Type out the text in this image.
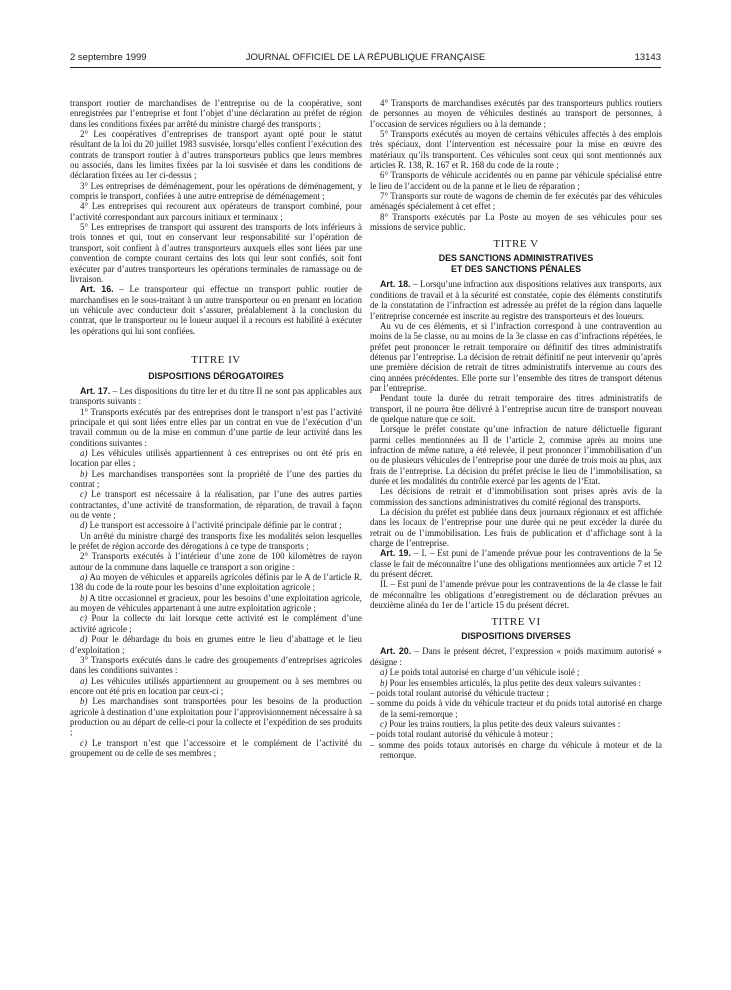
2 septembre 1999	JOURNAL OFFICIEL DE LA RÉPUBLIQUE FRANÇAISE	13143

transport routier de marchandises de l’entreprise ou de la coopérative, sont enregistrées par l’entreprise et font l’objet d’une déclaration au préfet de région dans les conditions fixées par arrêté du ministre chargé des transports ;

2° Les coopératives d’entreprises de transport ayant opté pour le statut résultant de la loi du 20 juillet 1983 susvisée, lorsqu’elles confient l’exécution des contrats de transport routier à d’autres transporteurs publics que leurs membres ou associés, dans les limites fixées par la loi susvisée et dans les conditions de déclaration fixées au 1er ci-dessus ;

3° Les entreprises de déménagement, pour les opérations de déménagement, y compris le transport, confiées à une autre entreprise de déménagement ;

4° Les entreprises qui recourent aux opérateurs de transport combiné, pour l’activité correspondant aux parcours initiaux et terminaux ;

5° Les entreprises de transport qui assurent des transports de lots inférieurs à trois tonnes et qui, tout en conservant leur responsabilité sur l’opération de transport, soit confient à d’autres transporteurs auxquels elles sont liées par une convention de compte courant certains des lots qui leur sont confiés, soit font exécuter par d’autres transporteurs les opérations terminales de ramassage ou de livraison.

Art. 16. – Le transporteur qui effectue un transport public routier de marchandises en le sous-traitant à un autre transporteur ou en prenant en location un véhicule avec conducteur doit s’assurer, préalablement à la conclusion du contrat, que le transporteur ou le loueur auquel il a recours est habilité à exécuter les opérations qui lui sont confiées.

TITRE IV
DISPOSITIONS DÉROGATOIRES

Art. 17. – Les dispositions du titre Ier et du titre II ne sont pas applicables aux transports suivants :

1° Transports exécutés par des entreprises dont le transport n’est pas l’activité principale et qui sont liées entre elles par un contrat en vue de l’exécution d’un travail commun ou de la mise en commun d’une partie de leur activité dans les conditions suivantes :

a) Les véhicules utilisés appartiennent à ces entreprises ou ont été pris en location par elles ;

b) Les marchandises transportées sont la propriété de l’une des parties du contrat ;

c) Le transport est nécessaire à la réalisation, par l’une des autres parties contractantes, d’une activité de transformation, de réparation, de travail à façon ou de vente ;

d) Le transport est accessoire à l’activité principale définie par le contrat ;

Un arrêté du ministre chargé des transports fixe les modalités selon lesquelles le préfet de région accorde des dérogations à ce type de transports ;

2° Transports exécutés à l’intérieur d’une zone de 100 kilomètres de rayon autour de la commune dans laquelle ce transport a son origine :

a) Au moyen de véhicules et appareils agricoles définis par le A de l’article R. 138 du code de la route pour les besoins d’une exploitation agricole ;

b) A titre occasionnel et gracieux, pour les besoins d’une exploitation agricole, au moyen de véhicules appartenant à une autre exploitation agricole ;

c) Pour la collecte du lait lorsque cette activité est le complément d’une activité agricole ;

d) Pour le débardage du bois en grumes entre le lieu d’abattage et le lieu d’exploitation ;

3° Transports exécutés dans le cadre des groupements d’entreprises agricoles dans les conditions suivantes :

a) Les véhicules utilisés appartiennent au groupement ou à ses membres ou encore ont été pris en location par ceux-ci ;

b) Les marchandises sont transportées pour les besoins de la production agricole à destination d’une exploitation pour l’approvisionnement nécessaire à sa production ou au départ de celle-ci pour la collecte et l’expédition de ses produits ;

c) Le transport n’est que l’accessoire et le complément de l’activité du groupement ou de celle de ses membres ;

4° Transports de marchandises exécutés par des transporteurs publics routiers de personnes au moyen de véhicules destinés au transport de personnes, à l’occasion de services réguliers ou à la demande ;

5° Transports exécutés au moyen de certains véhicules affectés à des emplois très spéciaux, dont l’intervention est nécessaire pour la mise en œuvre des matériaux qu’ils transportent. Ces véhicules sont ceux qui sont mentionnés aux articles R. 138, R. 167 et R. 168 du code de la route ;

6° Transports de véhicule accidentés ou en panne par véhicule spécialisé entre le lieu de l’accident ou de la panne et le lieu de réparation ;

7° Transports sur route de wagons de chemin de fer exécutés par des véhicules aménagés spécialement à cet effet ;

8° Transports exécutés par La Poste au moyen de ses véhicules pour ses missions de service public.

TITRE V
DES SANCTIONS ADMINISTRATIVES
ET DES SANCTIONS PÉNALES

Art. 18. – Lorsqu’une infraction aux dispositions relatives aux transports, aux conditions de travail et à la sécurité est constatée, copie des éléments constitutifs de la constatation de l’infraction est adressée au préfet de la région dans laquelle l’entreprise concernée est inscrite au registre des transporteurs et des loueurs.

Au vu de ces éléments, et si l’infraction correspond à une contravention au moins de la 5e classe, ou au moins de la 3e classe en cas d’infractions répétées, le préfet peut prononcer le retrait temporaire ou définitif des titres administratifs détenus par l’entreprise. La décision de retrait définitif ne peut intervenir qu’après une première décision de retrait de titres administratifs intervenue au cours des cinq années précédentes. Elle porte sur l’ensemble des titres de transport détenus par l’entreprise.

Pendant toute la durée du retrait temporaire des titres administratifs de transport, il ne pourra être délivré à l’entreprise aucun titre de transport nouveau de quelque nature que ce soit.

Lorsque le préfet constate qu’une infraction de nature délictuelle figurant parmi celles mentionnées au II de l’article 2, commise après au moins une infraction de même nature, a été relevée, il peut prononcer l’immobilisation d’un ou de plusieurs véhicules de l’entreprise pour une durée de trois mois au plus, aux frais de l’entreprise. La décision du préfet précise le lieu de l’immobilisation, sa durée et les modalités du contrôle exercé par les agents de l’Etat.

Les décisions de retrait et d’immobilisation sont prises après avis de la commission des sanctions administratives du comité régional des transports.

La décision du préfet est publiée dans deux journaux régionaux et est affichée dans les locaux de l’entreprise pour une durée qui ne peut excéder la durée du retrait ou de l’immobilisation. Les frais de publication et d’affichage sont à la charge de l’entreprise.

Art. 19. – I. – Est puni de l’amende prévue pour les contraventions de la 5e classe le fait de méconnaître l’une des obligations mentionnées aux article 7 et 12 du présent décret.

II. – Est puni de l’amende prévue pour les contraventions de la 4e classe le fait de méconnaître les obligations d’enregistrement ou de déclaration prévues au deuxième alinéa du 1er de l’article 15 du présent décret.

TITRE VI
DISPOSITIONS DIVERSES

Art. 20. – Dans le présent décret, l’expression « poids maximum autorisé » désigne :

a) Le poids total autorisé en charge d’un véhicule isolé ;

b) Pour les ensembles articulés, la plus petite des deux valeurs suivantes :

– poids total roulant autorisé du véhicule tracteur ;
– somme du poids à vide du véhicule tracteur et du poids total autorisé en charge de la semi-remorque ;

c) Pour les trains routiers, la plus petite des deux valeurs suivantes :

– poids total roulant autorisé du véhicule à moteur ;
– somme des poids totaux autorisés en charge du véhicule à moteur et de la remorque.
